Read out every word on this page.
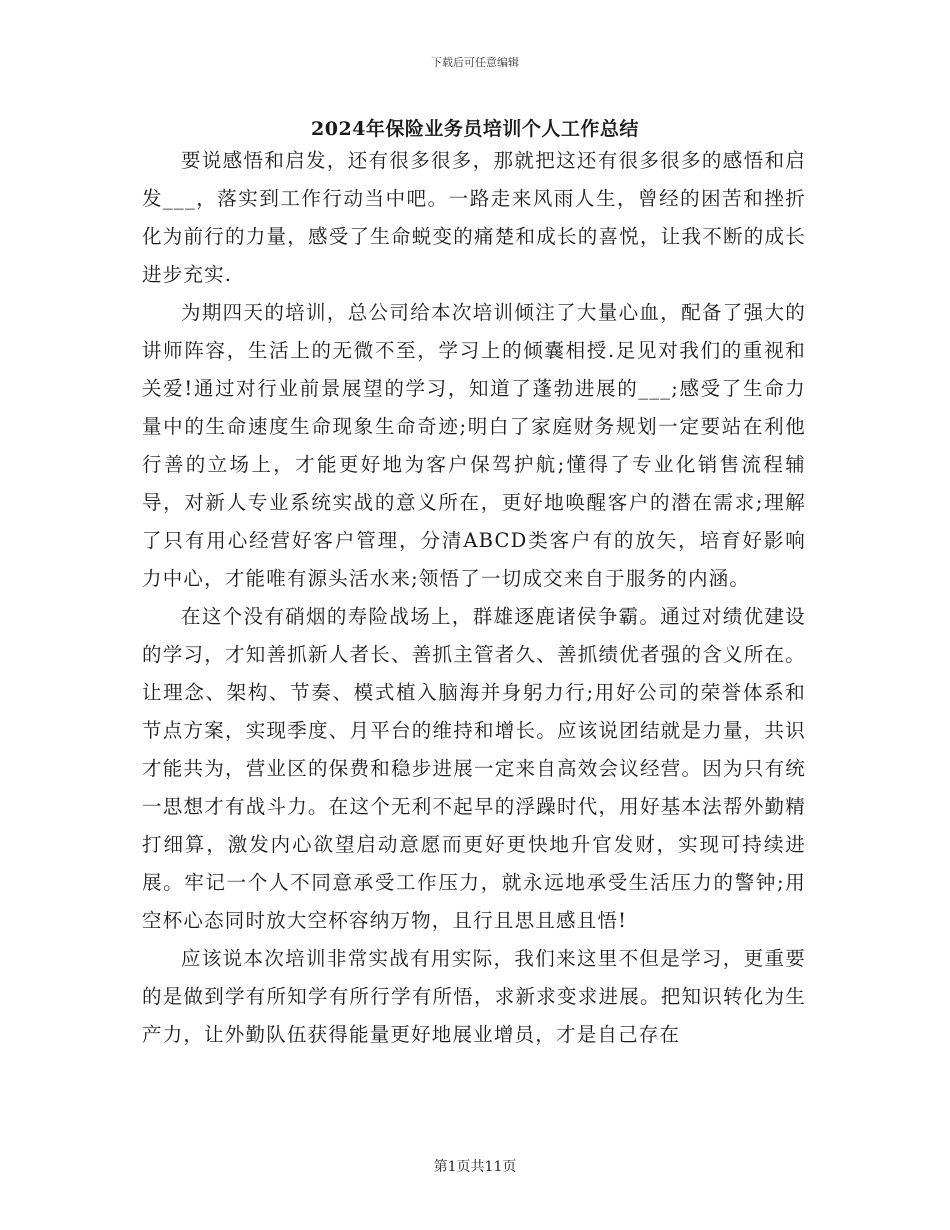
下载后可任意编辑
2024年保险业务员培训个人工作总结

要说感悟和启发，还有很多很多，那就把这还有很多很多的感悟和启发___，落实到工作行动当中吧。一路走来风雨人生，曾经的困苦和挫折化为前行的力量，感受了生命蜕变的痛楚和成长的喜悦，让我不断的成长进步充实.

为期四天的培训，总公司给本次培训倾注了大量心血，配备了强大的讲师阵容，生活上的无微不至，学习上的倾囊相授.足见对我们的重视和关爱!通过对行业前景展望的学习，知道了蓬勃进展的___;感受了生命力量中的生命速度生命现象生命奇迹;明白了家庭财务规划一定要站在利他行善的立场上，才能更好地为客户保驾护航;懂得了专业化销售流程辅导，对新人专业系统实战的意义所在，更好地唤醒客户的潜在需求;理解了只有用心经营好客户管理，分清ABCD类客户有的放矢，培育好影响力中心，才能唯有源头活水来;领悟了一切成交来自于服务的内涵。

在这个没有硝烟的寿险战场上，群雄逐鹿诸侯争霸。通过对绩优建设的学习，才知善抓新人者长、善抓主管者久、善抓绩优者强的含义所在。让理念、架构、节奏、模式植入脑海并身躬力行;用好公司的荣誉体系和节点方案，实现季度、月平台的维持和增长。应该说团结就是力量，共识才能共为，营业区的保费和稳步进展一定来自高效会议经营。因为只有统一思想才有战斗力。在这个无利不起早的浮躁时代，用好基本法帮外勤精打细算，激发内心欲望启动意愿而更好更快地升官发财，实现可持续进展。牢记一个人不同意承受工作压力，就永远地承受生活压力的警钟;用空杯心态同时放大空杯容纳万物，且行且思且感且悟!

应该说本次培训非常实战有用实际，我们来这里不但是学习，更重要的是做到学有所知学有所行学有所悟，求新求变求进展。把知识转化为生产力，让外勤队伍获得能量更好地展业增员，才是自己存在

第1页共11页
